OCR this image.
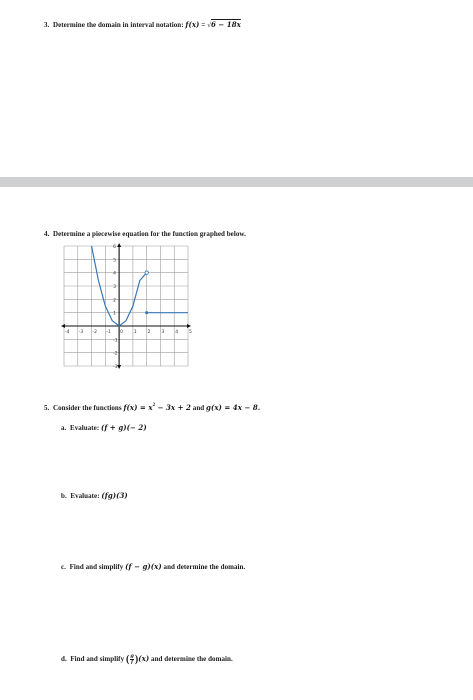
3. Determine the domain in interval notation: f(x) = √6 − 18x
4. Determine a piecewise equation for the function graphed below.
-4 -3 -2 -1 0 1 2 3 4 5
6
5
4
3
2
1
-1
-2
-3
5. Consider the functions $f(x) = x^2 - 3x + 2$ and g(x) = 4x − 8.
a. Evaluate: (f + g)(− 2)
b. Evaluate: (fg)(3)
c. Find and simplify (f − g)(x) and determine the domain.
d. Find and simplify ( $\frac{g}{f} )(x)$ and determine the domain.
